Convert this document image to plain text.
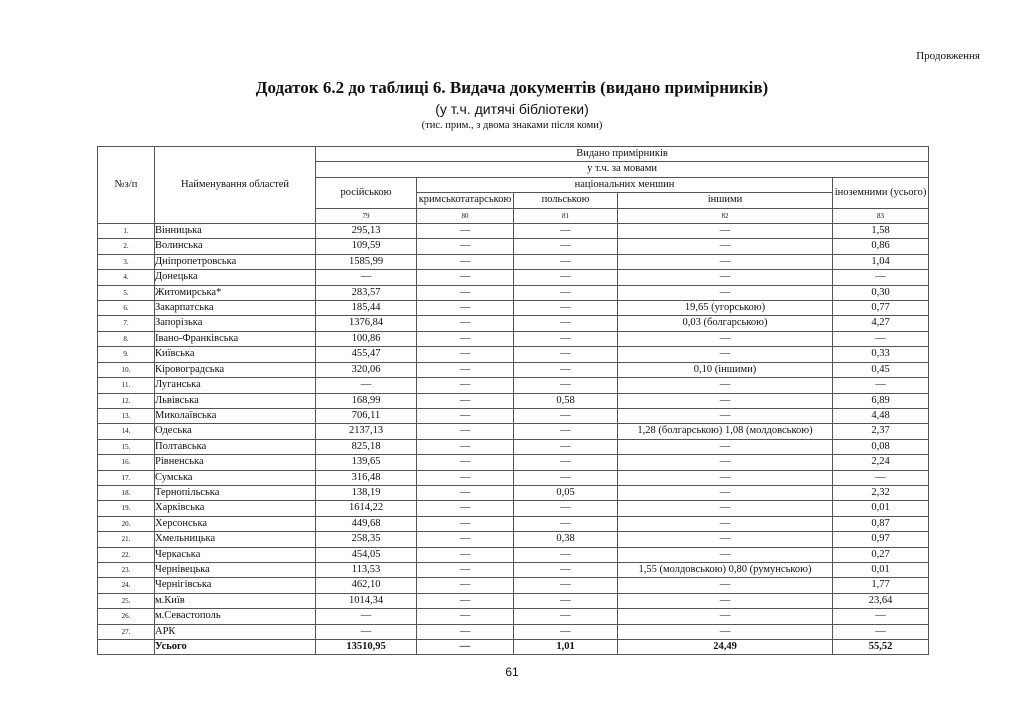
Продовження
Додаток 6.2 до таблиці 6. Видача документів (видано примірників)
(у т.ч. дитячі бібліотеки)
(тис. прим., з двома знаками після коми)
№з/п	Найменування областей	Видано примірників				
		у т.ч. за мовами				
		російською	національних меншин			іноземними (усього)
			кримськотатарською	польською	іншими	
		79	80	81	82	83
1.	Вінницька	295,13	—	—	—	1,58
2.	Волинська	109,59	—	—	—	0,86
3.	Дніпропетровська	1585,99	—	—	—	1,04
4.	Донецька	—	—	—	—	—
5.	Житомирська*	283,57	—	—	—	0,30
6.	Закарпатська	185,44	—	—	19,65 (угорською)	0,77
7.	Запорізька	1376,84	—	—	0,03 (болгарською)	4,27
8.	Івано-Франківська	100,86	—	—	—	—
9.	Київська	455,47	—	—	—	0,33
10.	Кіровоградська	320,06	—	—	0,10 (іншими)	0,45
11.	Луганська	—	—	—	—	—
12.	Львівська	168,99	—	0,58	—	6,89
13.	Миколаївська	706,11	—	—	—	4,48
14.	Одеська	2137,13	—	—	1,28 (болгарською) 1,08 (молдовською)	2,37
15.	Полтавська	825,18	—	—	—	0,08
16.	Рівненська	139,65	—	—	—	2,24
17.	Сумська	316,48	—	—	—	—
18.	Тернопільська	138,19	—	0,05	—	2,32
19.	Харківська	1614,22	—	—	—	0,01
20.	Херсонська	449,68	—	—	—	0,87
21.	Хмельницька	258,35	—	0,38	—	0,97
22.	Черкаська	454,05	—	—	—	0,27
23.	Чернівецька	113,53	—	—	1,55 (молдовською) 0,80 (румунською)	0,01
24.	Чернігівська	462,10	—	—	—	1,77
25.	м.Київ	1014,34	—	—	—	23,64
26.	м.Севастополь	—	—	—	—	—
27.	АРК	—	—	—	—	—
	Усього	13510,95	—	1,01	24,49	55,52
61
